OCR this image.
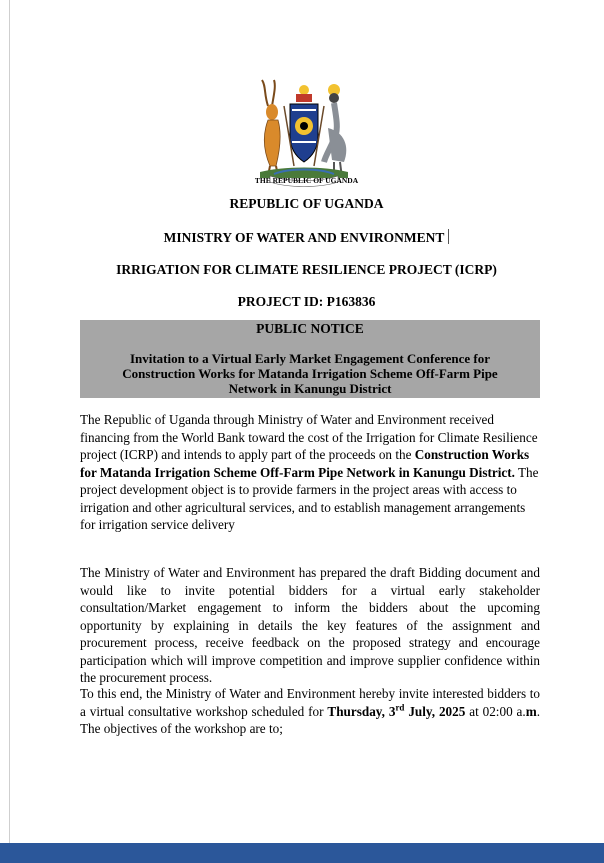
THE REPUBLIC OF UGANDA

REPUBLIC OF UGANDA

MINISTRY OF WATER AND ENVIRONMENT

IRRIGATION FOR CLIMATE RESILIENCE PROJECT (ICRP)

PROJECT ID: P163836

PUBLIC NOTICE
Invitation to a Virtual Early Market Engagement Conference for Construction Works for Matanda Irrigation Scheme Off-Farm Pipe Network in Kanungu District

The Republic of Uganda through Ministry of Water and Environment received financing from the World Bank toward the cost of the Irrigation for Climate Resilience project (ICRP) and intends to apply part of the proceeds on the Construction Works for Matanda Irrigation Scheme Off-Farm Pipe Network in Kanungu District. The project development object is to provide farmers in the project areas with access to irrigation and other agricultural services, and to establish management arrangements for irrigation service delivery

The Ministry of Water and Environment has prepared the draft Bidding document and would like to invite potential bidders for a virtual early stakeholder consultation/Market engagement to inform the bidders about the upcoming opportunity by explaining in details the key features of the assignment and procurement process, receive feedback on the proposed strategy and encourage participation which will improve competition and improve supplier confidence within the procurement process.

To this end, the Ministry of Water and Environment hereby invite interested bidders to a virtual consultative workshop scheduled for Thursday, 3rd July, 2025 at 02:00 a.m. The objectives of the workshop are to;
